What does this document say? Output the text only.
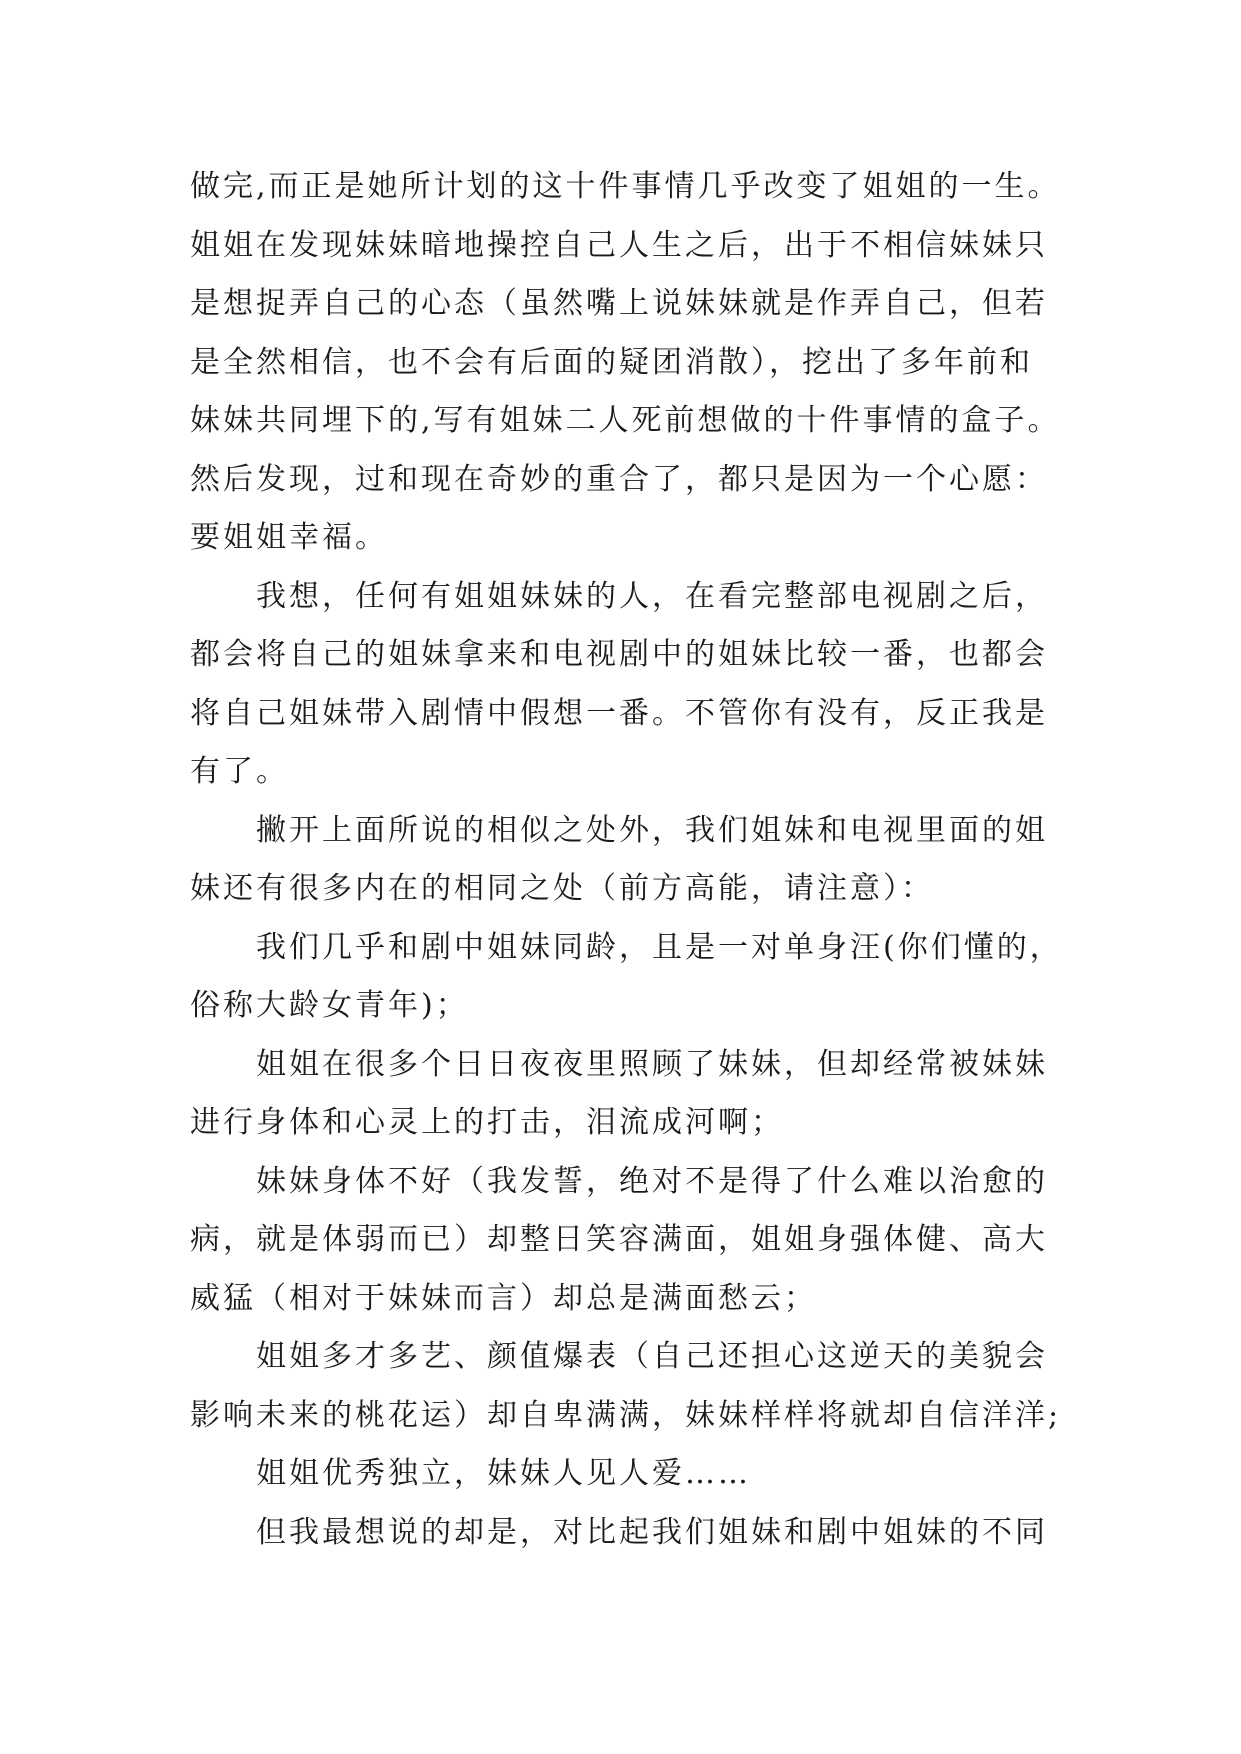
做完,而正是她所计划的这十件事情几乎改变了姐姐的一生。
姐姐在发现妹妹暗地操控自己人生之后，出于不相信妹妹只
是想捉弄自己的心态（虽然嘴上说妹妹就是作弄自己，但若
是全然相信，也不会有后面的疑团消散），挖出了多年前和
妹妹共同埋下的,写有姐妹二人死前想做的十件事情的盒子。
然后发现，过和现在奇妙的重合了，都只是因为一个心愿：
要姐姐幸福。
我想，任何有姐姐妹妹的人，在看完整部电视剧之后，
都会将自己的姐妹拿来和电视剧中的姐妹比较一番，也都会
将自己姐妹带入剧情中假想一番。不管你有没有，反正我是
有了。
撇开上面所说的相似之处外，我们姐妹和电视里面的姐
妹还有很多内在的相同之处（前方高能，请注意）：
我们几乎和剧中姐妹同龄，且是一对单身汪(你们懂的，
俗称大龄女青年)；
姐姐在很多个日日夜夜里照顾了妹妹，但却经常被妹妹
进行身体和心灵上的打击，泪流成河啊；
妹妹身体不好（我发誓，绝对不是得了什么难以治愈的
病，就是体弱而已）却整日笑容满面，姐姐身强体健、高大
威猛（相对于妹妹而言）却总是满面愁云；
姐姐多才多艺、颜值爆表（自己还担心这逆天的美貌会
影响未来的桃花运）却自卑满满，妹妹样样将就却自信洋洋;
姐姐优秀独立，妹妹人见人爱……
但我最想说的却是，对比起我们姐妹和剧中姐妹的不同
